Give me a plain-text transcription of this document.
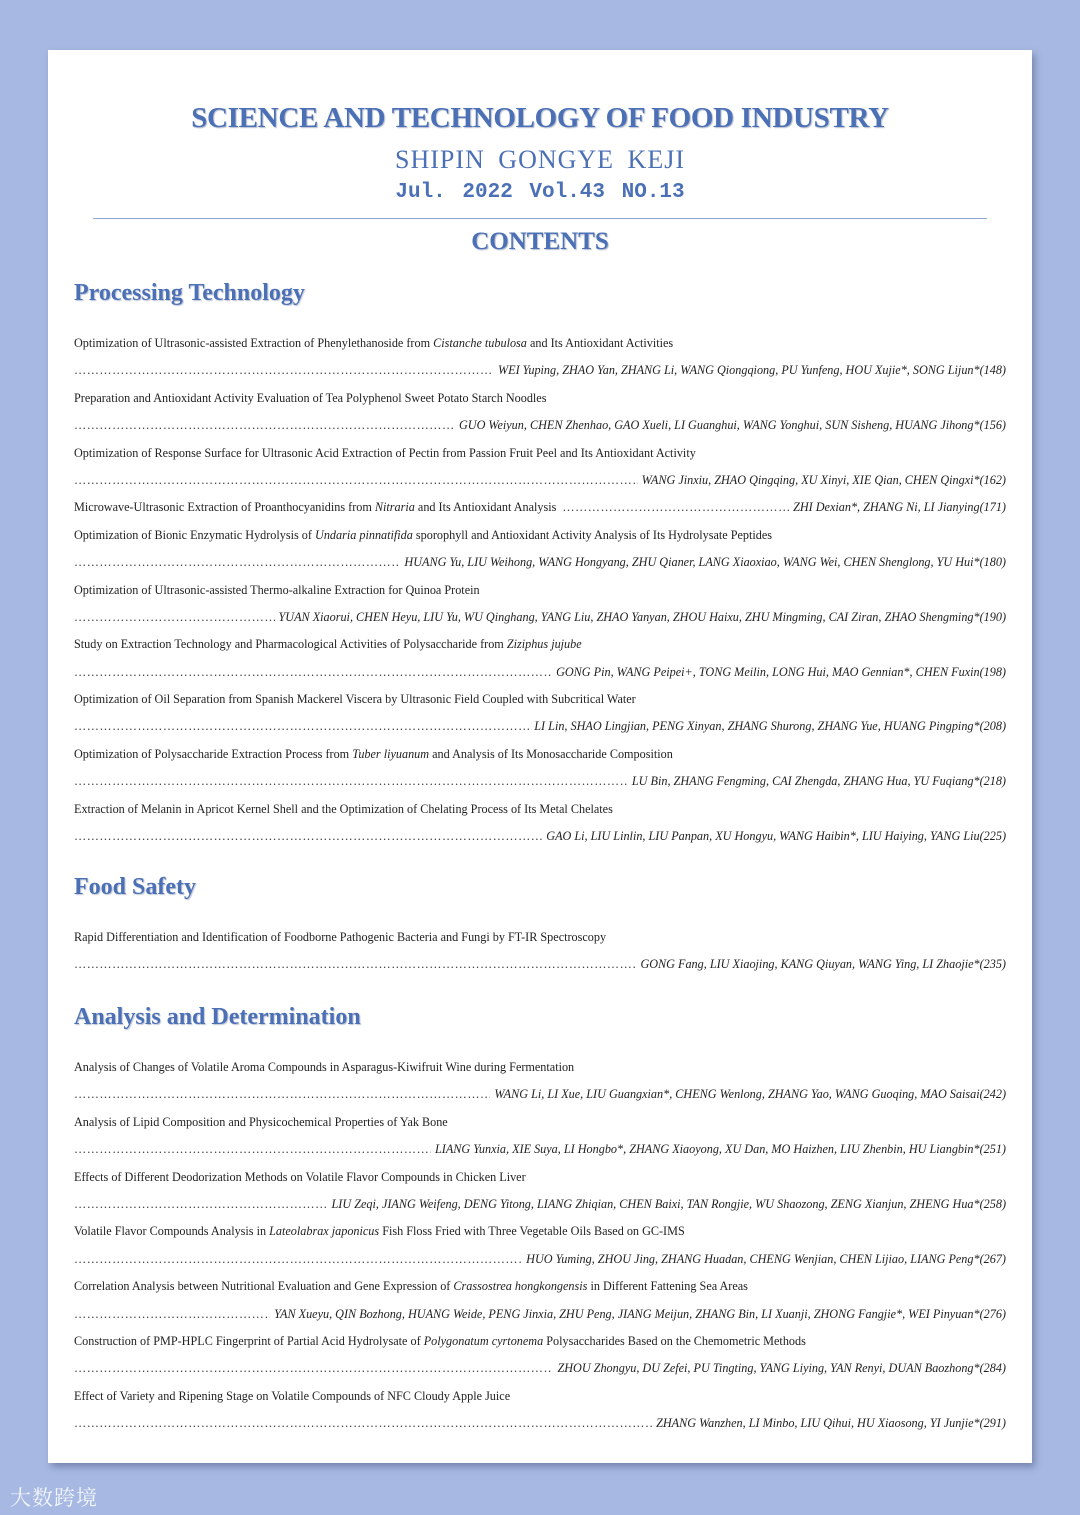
SCIENCE AND TECHNOLOGY OF FOOD INDUSTRY
SHIPIN GONGYE KEJI
Jul. 2022 Vol.43 NO.13
CONTENTS
Processing Technology
Optimization of Ultrasonic-assisted Extraction of Phenylethanoside from Cistanche tubulosa and Its Antioxidant Activities
……………………………………………………………………………………………………………………………………………………………………………………………………………………………………………………………………………………………………………………
WEI Yuping, ZHAO Yan, ZHANG Li, WANG Qiongqiong, PU Yunfeng, HOU Xujie*, SONG Lijun*(148)
Preparation and Antioxidant Activity Evaluation of Tea Polyphenol Sweet Potato Starch Noodles
……………………………………………………………………………………………………………………………………………………………………………………………………………………………………………………………………………………………………………………
GUO Weiyun, CHEN Zhenhao, GAO Xueli, LI Guanghui, WANG Yonghui, SUN Sisheng, HUANG Jihong*(156)
Optimization of Response Surface for Ultrasonic Acid Extraction of Pectin from Passion Fruit Peel and Its Antioxidant Activity
……………………………………………………………………………………………………………………………………………………………………………………………………………………………………………………………………………………………………………………
WANG Jinxiu, ZHAO Qingqing, XU Xinyi, XIE Qian, CHEN Qingxi*(162)
Microwave-Ultrasonic Extraction of Proanthocyanidins from Nitraria and Its Antioxidant Analysis ……………………………………………………………………………………………………………………………………………………………………………………………………………………………………………………………………………………………………………………	ZHI Dexian*, ZHANG Ni, LI Jianying(171)
Optimization of Bionic Enzymatic Hydrolysis of Undaria pinnatifida sporophyll and Antioxidant Activity Analysis of Its Hydrolysate Peptides
……………………………………………………………………………………………………………………………………………………………………………………………………………………………………………………………………………………………………………………
HUANG Yu, LIU Weihong, WANG Hongyang, ZHU Qianer, LANG Xiaoxiao, WANG Wei, CHEN Shenglong, YU Hui*(180)
Optimization of Ultrasonic-assisted Thermo-alkaline Extraction for Quinoa Protein
……………………………………………………………………………………………………………………………………………………………………………………………………………………………………………………………………………………………………………………
YUAN Xiaorui, CHEN Heyu, LIU Yu, WU Qinghang, YANG Liu, ZHAO Yanyan, ZHOU Haixu, ZHU Mingming, CAI Ziran, ZHAO Shengming*(190)
Study on Extraction Technology and Pharmacological Activities of Polysaccharide from Ziziphus jujube
……………………………………………………………………………………………………………………………………………………………………………………………………………………………………………………………………………………………………………………
GONG Pin, WANG Peipei+, TONG Meilin, LONG Hui, MAO Gennian*, CHEN Fuxin(198)
Optimization of Oil Separation from Spanish Mackerel Viscera by Ultrasonic Field Coupled with Subcritical Water
……………………………………………………………………………………………………………………………………………………………………………………………………………………………………………………………………………………………………………………
LI Lin, SHAO Lingjian, PENG Xinyan, ZHANG Shurong, ZHANG Yue, HUANG Pingping*(208)
Optimization of Polysaccharide Extraction Process from Tuber liyuanum and Analysis of Its Monosaccharide Composition
……………………………………………………………………………………………………………………………………………………………………………………………………………………………………………………………………………………………………………………
LU Bin, ZHANG Fengming, CAI Zhengda, ZHANG Hua, YU Fuqiang*(218)
Extraction of Melanin in Apricot Kernel Shell and the Optimization of Chelating Process of Its Metal Chelates
……………………………………………………………………………………………………………………………………………………………………………………………………………………………………………………………………………………………………………………
GAO Li, LIU Linlin, LIU Panpan, XU Hongyu, WANG Haibin*, LIU Haiying, YANG Liu(225)
Food Safety
Rapid Differentiation and Identification of Foodborne Pathogenic Bacteria and Fungi by FT-IR Spectroscopy
……………………………………………………………………………………………………………………………………………………………………………………………………………………………………………………………………………………………………………………
GONG Fang, LIU Xiaojing, KANG Qiuyan, WANG Ying, LI Zhaojie*(235)
Analysis and Determination
Analysis of Changes of Volatile Aroma Compounds in Asparagus-Kiwifruit Wine during Fermentation
……………………………………………………………………………………………………………………………………………………………………………………………………………………………………………………………………………………………………………………
WANG Li, LI Xue, LIU Guangxian*, CHENG Wenlong, ZHANG Yao, WANG Guoqing, MAO Saisai(242)
Analysis of Lipid Composition and Physicochemical Properties of Yak Bone
……………………………………………………………………………………………………………………………………………………………………………………………………………………………………………………………………………………………………………………
LIANG Yunxia, XIE Suya, LI Hongbo*, ZHANG Xiaoyong, XU Dan, MO Haizhen, LIU Zhenbin, HU Liangbin*(251)
Effects of Different Deodorization Methods on Volatile Flavor Compounds in Chicken Liver
……………………………………………………………………………………………………………………………………………………………………………………………………………………………………………………………………………………………………………………
LIU Zeqi, JIANG Weifeng, DENG Yitong, LIANG Zhiqian, CHEN Baixi, TAN Rongjie, WU Shaozong, ZENG Xianjun, ZHENG Hua*(258)
Volatile Flavor Compounds Analysis in Lateolabrax japonicus Fish Floss Fried with Three Vegetable Oils Based on GC-IMS
……………………………………………………………………………………………………………………………………………………………………………………………………………………………………………………………………………………………………………………
HUO Yuming, ZHOU Jing, ZHANG Huadan, CHENG Wenjian, CHEN Lijiao, LIANG Peng*(267)
Correlation Analysis between Nutritional Evaluation and Gene Expression of Crassostrea hongkongensis in Different Fattening Sea Areas
……………………………………………………………………………………………………………………………………………………………………………………………………………………………………………………………………………………………………………………
YAN Xueyu, QIN Bozhong, HUANG Weide, PENG Jinxia, ZHU Peng, JIANG Meijun, ZHANG Bin, LI Xuanji, ZHONG Fangjie*, WEI Pinyuan*(276)
Construction of PMP-HPLC Fingerprint of Partial Acid Hydrolysate of Polygonatum cyrtonema Polysaccharides Based on the Chemometric Methods
……………………………………………………………………………………………………………………………………………………………………………………………………………………………………………………………………………………………………………………
ZHOU Zhongyu, DU Zefei, PU Tingting, YANG Liying, YAN Renyi, DUAN Baozhong*(284)
Effect of Variety and Ripening Stage on Volatile Compounds of NFC Cloudy Apple Juice
……………………………………………………………………………………………………………………………………………………………………………………………………………………………………………………………………………………………………………………
ZHANG Wanzhen, LI Minbo, LIU Qihui, HU Xiaosong, YI Junjie*(291)
大数跨境
